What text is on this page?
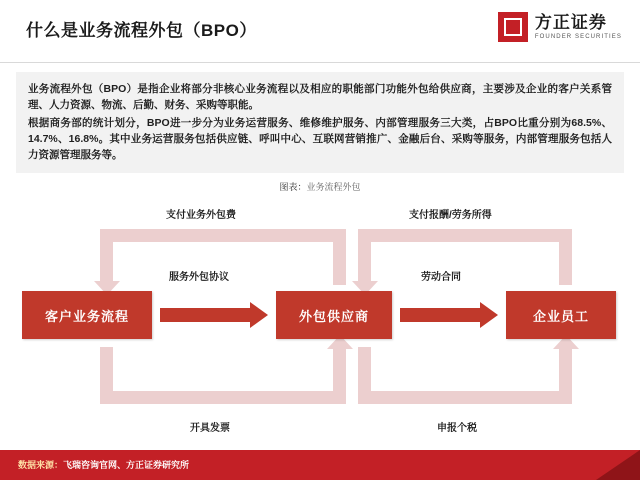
什么是业务流程外包（BPO）	方正证券
FOUNDER SECURITIES

业务流程外包（BPO）是指企业将部分非核心业务流程以及相应的职能部门功能外包给供应商，主要涉及企业的客户关系管理、人力资源、物流、后勤、财务、采购等职能。

根据商务部的统计划分，BPO进一步分为业务运营服务、维修维护服务、内部管理服务三大类，占BPO比重分别为68.5%、14.7%、16.8%。其中业务运营服务包括供应链、呼叫中心、互联网营销推广、金融后台、采购等服务，内部管理服务包括人力资源管理服务等。

图表：业务流程外包
客户业务流程	外包供应商	企业员工
支付业务外包费	支付报酬/劳务所得
服务外包协议	劳动合同
开具发票	申报个税
数据来源：飞瑞咨询官网、方正证券研究所
